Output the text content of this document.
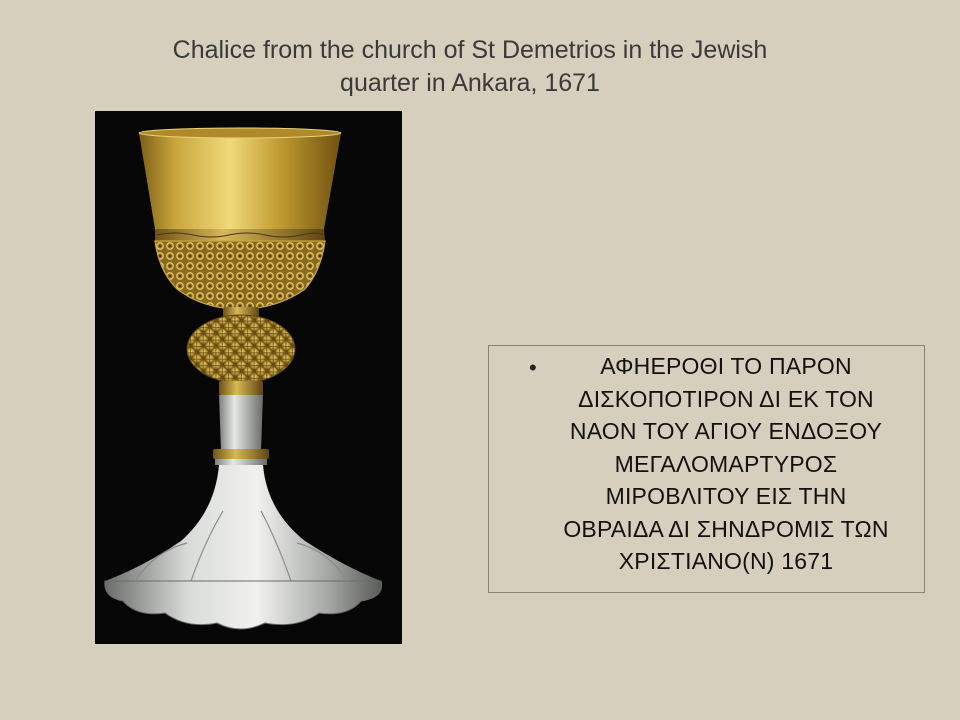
Chalice from the church of St Demetrios in the Jewish
quarter in Ankara, 1671
•	ΑΦΗΕΡΟΘΙ ΤΟ ΠΑΡΟΝ
ΔΙΣΚΟΠΟΤΙΡΟΝ ΔΙ ΕΚ ΤΟΝ
ΝΑΟΝ ΤΟΥ ΑΓΙΟΥ ΕΝΔΟΞΟΥ
ΜΕΓΑΛΟΜΑΡΤΥΡΟΣ
ΜΙΡΟΒΛΙΤΟΥ ΕΙΣ ΤΗΝ
ΟΒΡΑΙΔΑ ΔΙ ΣΗΝΔΡΟΜΙΣ ΤΩΝ
ΧΡΙΣΤΙΑΝΟ(Ν) 1671
